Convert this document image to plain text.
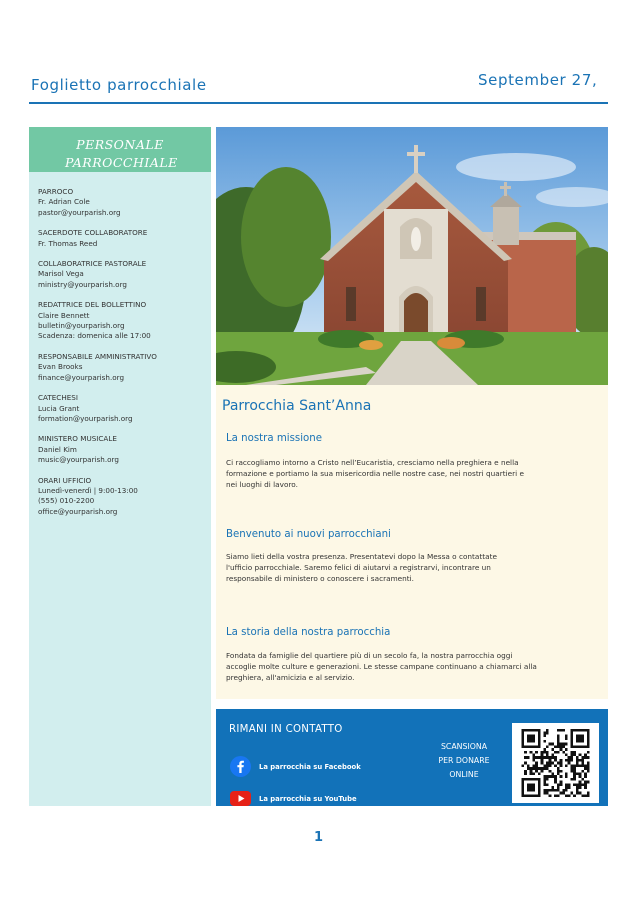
Foglietto parrocchiale	September 27,
PERSONALE PARROCCHIALE
PARROCO
Fr. Adrian Cole
pastor@yourparish.org
SACERDOTE COLLABORATORE
Fr. Thomas Reed
COLLABORATRICE PASTORALE
Marisol Vega
ministry@yourparish.org
REDATTRICE DEL BOLLETTINO
Claire Bennett
bulletin@yourparish.org
Scadenza: domenica alle 17:00
RESPONSABILE AMMINISTRATIVO
Evan Brooks
finance@yourparish.org
CATECHESI
Lucia Grant
formation@yourparish.org
MINISTERO MUSICALE
Daniel Kim
music@yourparish.org
ORARI UFFICIO
Lunedì-venerdì | 9:00-13:00
(555) 010-2200
office@yourparish.org
Parrocchia Sant’Anna
La nostra missione
Ci raccogliamo intorno a Cristo nell’Eucaristia, cresciamo nella preghiera e nella
formazione e portiamo la sua misericordia nelle nostre case, nei nostri quartieri e
nei luoghi di lavoro.
Benvenuto ai nuovi parrocchiani
Siamo lieti della vostra presenza. Presentatevi dopo la Messa o contattate
l'ufficio parrocchiale. Saremo felici di aiutarvi a registrarvi, incontrare un
responsabile di ministero o conoscere i sacramenti.
La storia della nostra parrocchia
Fondata da famiglie del quartiere più di un secolo fa, la nostra parrocchia oggi
accoglie molte culture e generazioni. Le stesse campane continuano a chiamarci alla
preghiera, all'amicizia e al servizio.
RIMANI IN CONTATTO
La parrocchia su Facebook
La parrocchia su YouTube
SCANSIONA
PER DONARE
ONLINE
1
